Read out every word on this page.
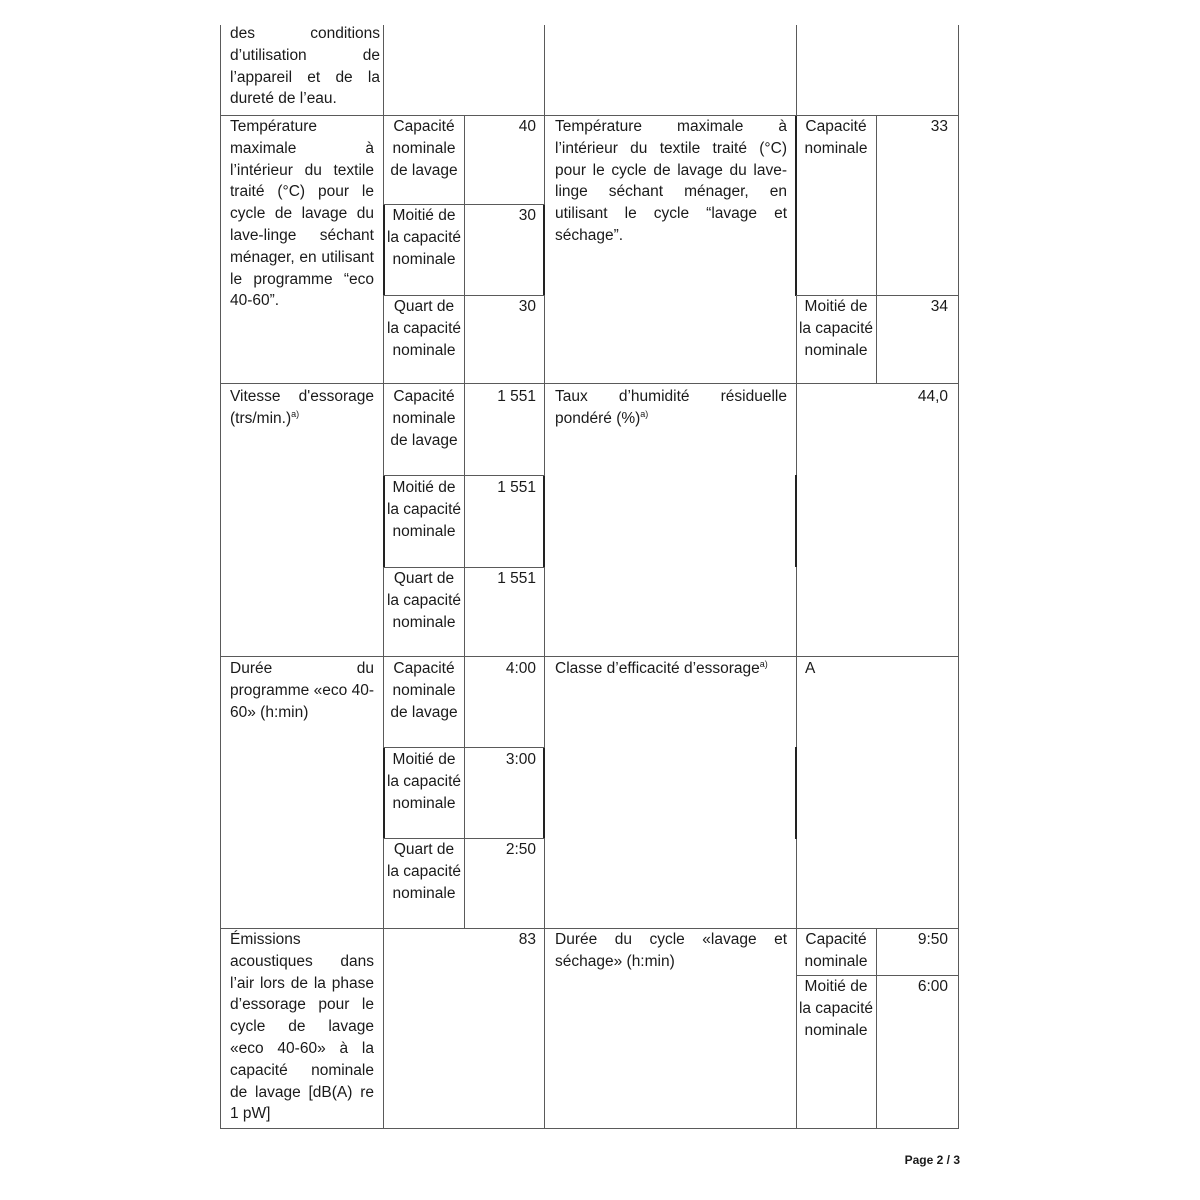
des conditions d’utilisation de l’appareil et de la dureté de l’eau.
Température maximale à l’intérieur du textile traité (°C) pour le cycle de lavage du lave-linge séchant ménager, en utilisant le programme “eco 40-60”.
Capacité nominale de lavage
40
Moitié de la capacité nominale
30
Quart de la capacité nominale
30
Température maximale à l’intérieur du textile traité (°C) pour le cycle de lavage du lave-linge séchant ménager, en utilisant le cycle “lavage et séchage”.
Capacité nominale
33
Moitié de la capacité nominale
34
Vitesse d'essorage $(trs/\min.)^{a)}$
Capacité nominale de lavage
1 551
Moitié de la capacité nominale
1 551
Quart de la capacité nominale
1 551
Taux d’humidité résiduelle pondéré (%)$^{a)}$
44,0
Durée du programme «eco 40-60» (h:min)
Capacité nominale de lavage
4:00
Moitié de la capacité nominale
3:00
Quart de la capacité nominale
2:50
Classe d’efficacité d’essorage$^{a)}$	A
Émissions acoustiques dans l’air lors de la phase d’essorage pour le cycle de lavage «eco 40-60» à la capacité nominale de lavage [dB(A) re 1 pW]
83 Durée du cycle «lavage et séchage» (h:min)
Capacité nominale
9:50
Moitié de la capacité nominale
6:00
Page 2 / 3
